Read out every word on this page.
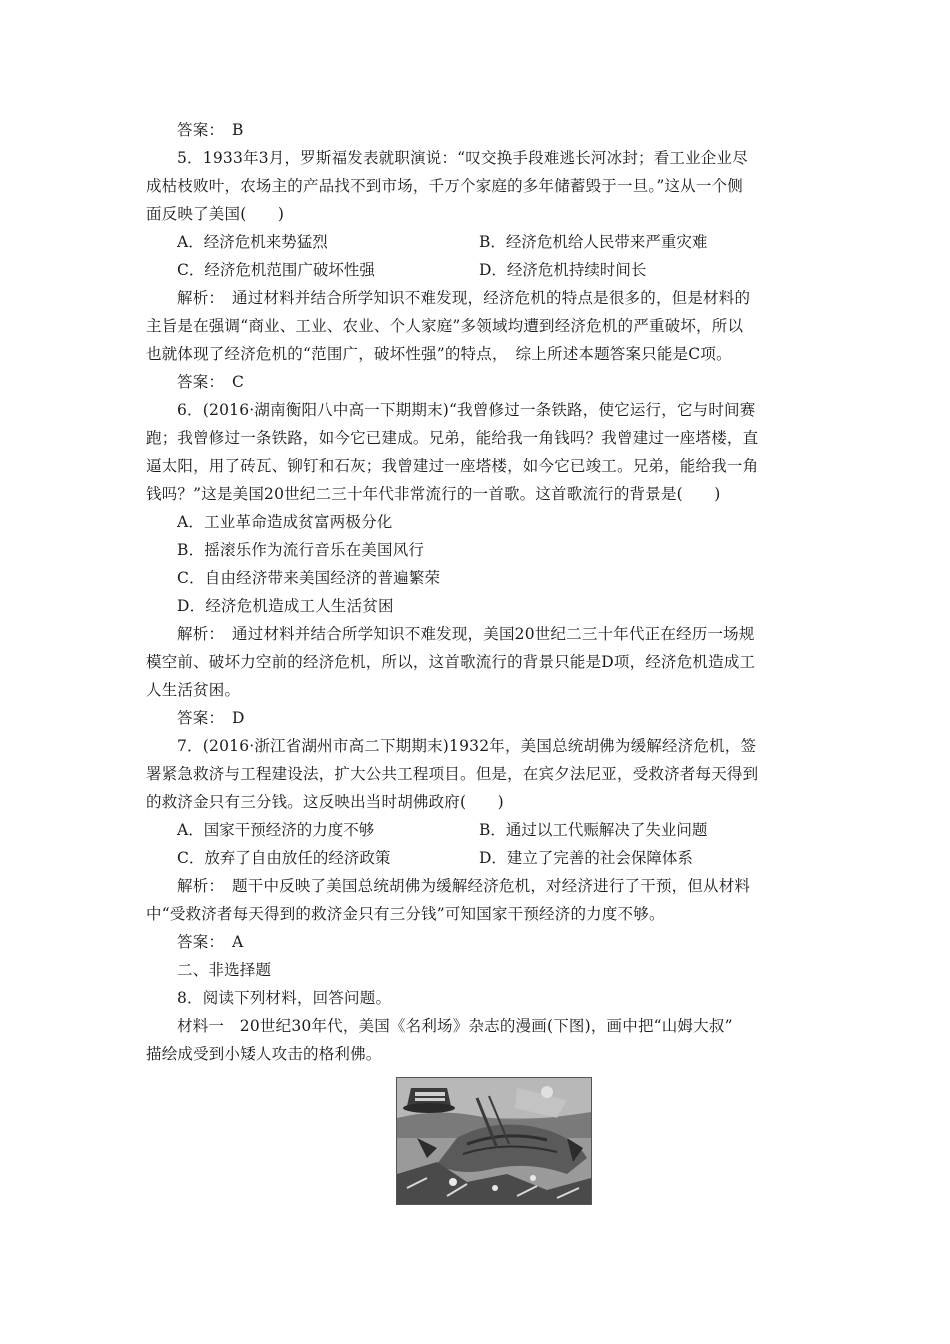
答案：　B
5．1933年3月，罗斯福发表就职演说：“叹交换手段难逃长河冰封；看工业企业尽
成枯枝败叶，农场主的产品找不到市场，千万个家庭的多年储蓄毁于一旦。”这从一个侧
面反映了美国(　　)
A．经济危机来势猛烈	B．经济危机给人民带来严重灾难
C．经济危机范围广破坏性强	D．经济危机持续时间长
解析：　通过材料并结合所学知识不难发现，经济危机的特点是很多的，但是材料的
主旨是在强调“商业、工业、农业、个人家庭”多领域均遭到经济危机的严重破坏，所以
也就体现了经济危机的“范围广，破坏性强”的特点，　综上所述本题答案只能是C项。
答案：　C
6．(2016·湖南衡阳八中高一下期期末)“我曾修过一条铁路，使它运行，它与时间赛
跑；我曾修过一条铁路，如今它已建成。兄弟，能给我一角钱吗？我曾建过一座塔楼，直
逼太阳，用了砖瓦、铆钉和石灰；我曾建过一座塔楼，如今它已竣工。兄弟，能给我一角
钱吗？”这是美国20世纪二三十年代非常流行的一首歌。这首歌流行的背景是(　　)
A．工业革命造成贫富两极分化
B．摇滚乐作为流行音乐在美国风行
C．自由经济带来美国经济的普遍繁荣
D．经济危机造成工人生活贫困
解析：　通过材料并结合所学知识不难发现，美国20世纪二三十年代正在经历一场规
模空前、破坏力空前的经济危机，所以，这首歌流行的背景只能是D项，经济危机造成工
人生活贫困。
答案：　D
7．(2016·浙江省湖州市高二下期期末)1932年，美国总统胡佛为缓解经济危机，签
署紧急救济与工程建设法，扩大公共工程项目。但是，在宾夕法尼亚，受救济者每天得到
的救济金只有三分钱。这反映出当时胡佛政府(　　)
A．国家干预经济的力度不够	B．通过以工代赈解决了失业问题
C．放弃了自由放任的经济政策	D．建立了完善的社会保障体系
解析：　题干中反映了美国总统胡佛为缓解经济危机，对经济进行了干预，但从材料
中“受救济者每天得到的救济金只有三分钱”可知国家干预经济的力度不够。
答案：　A
二、非选择题
8．阅读下列材料，回答问题。
材料一　20世纪30年代，美国《名利场》杂志的漫画(下图)，画中把“山姆大叔”
描绘成受到小矮人攻击的格利佛。
